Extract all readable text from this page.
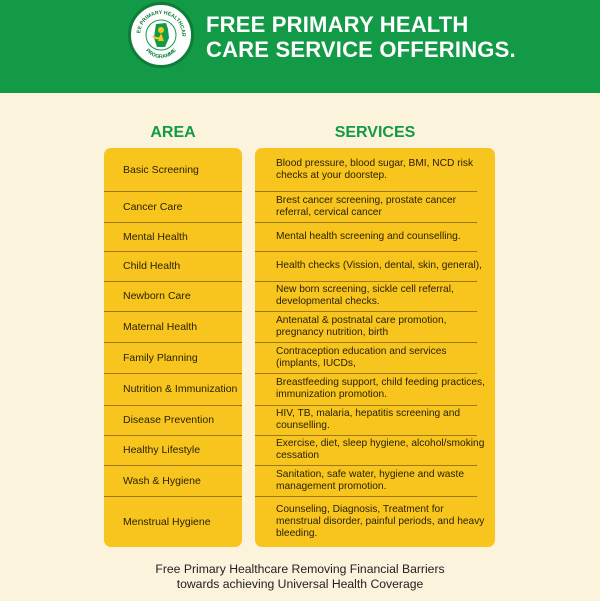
EE PRIMARY HEALTHCAR
PROGRAMME
FREE PRIMARY HEALTH
CARE SERVICE OFFERINGS.
AREA	SERVICES
Basic Screening
Cancer Care
Mental Health
Child Health
Newborn Care
Maternal Health
Family Planning
Nutrition & Immunization
Disease Prevention
Healthy Lifestyle
Wash & Hygiene
Menstrual Hygiene
Blood pressure, blood sugar, BMI, NCD risk checks at your doorstep.
Brest cancer screening, prostate cancer referral, cervical cancer
Mental health screening and counselling.
Health checks (Vission, dental, skin, general),
New born screening, sickle cell referral, developmental checks.
Antenatal & postnatal care promotion, pregnancy nutrition, birth
Contraception education and services (implants, IUCDs,
Breastfeeding support, child feeding practices, immunization promotion.
HIV, TB, malaria, hepatitis screening and counselling.
Exercise, diet, sleep hygiene, alcohol/smoking cessation
Sanitation, safe water, hygiene and waste management promotion.
Counseling, Diagnosis, Treatment for menstrual disorder, painful periods, and heavy bleeding.
Free Primary Healthcare Removing Financial Barriers
towards achieving Universal Health Coverage
